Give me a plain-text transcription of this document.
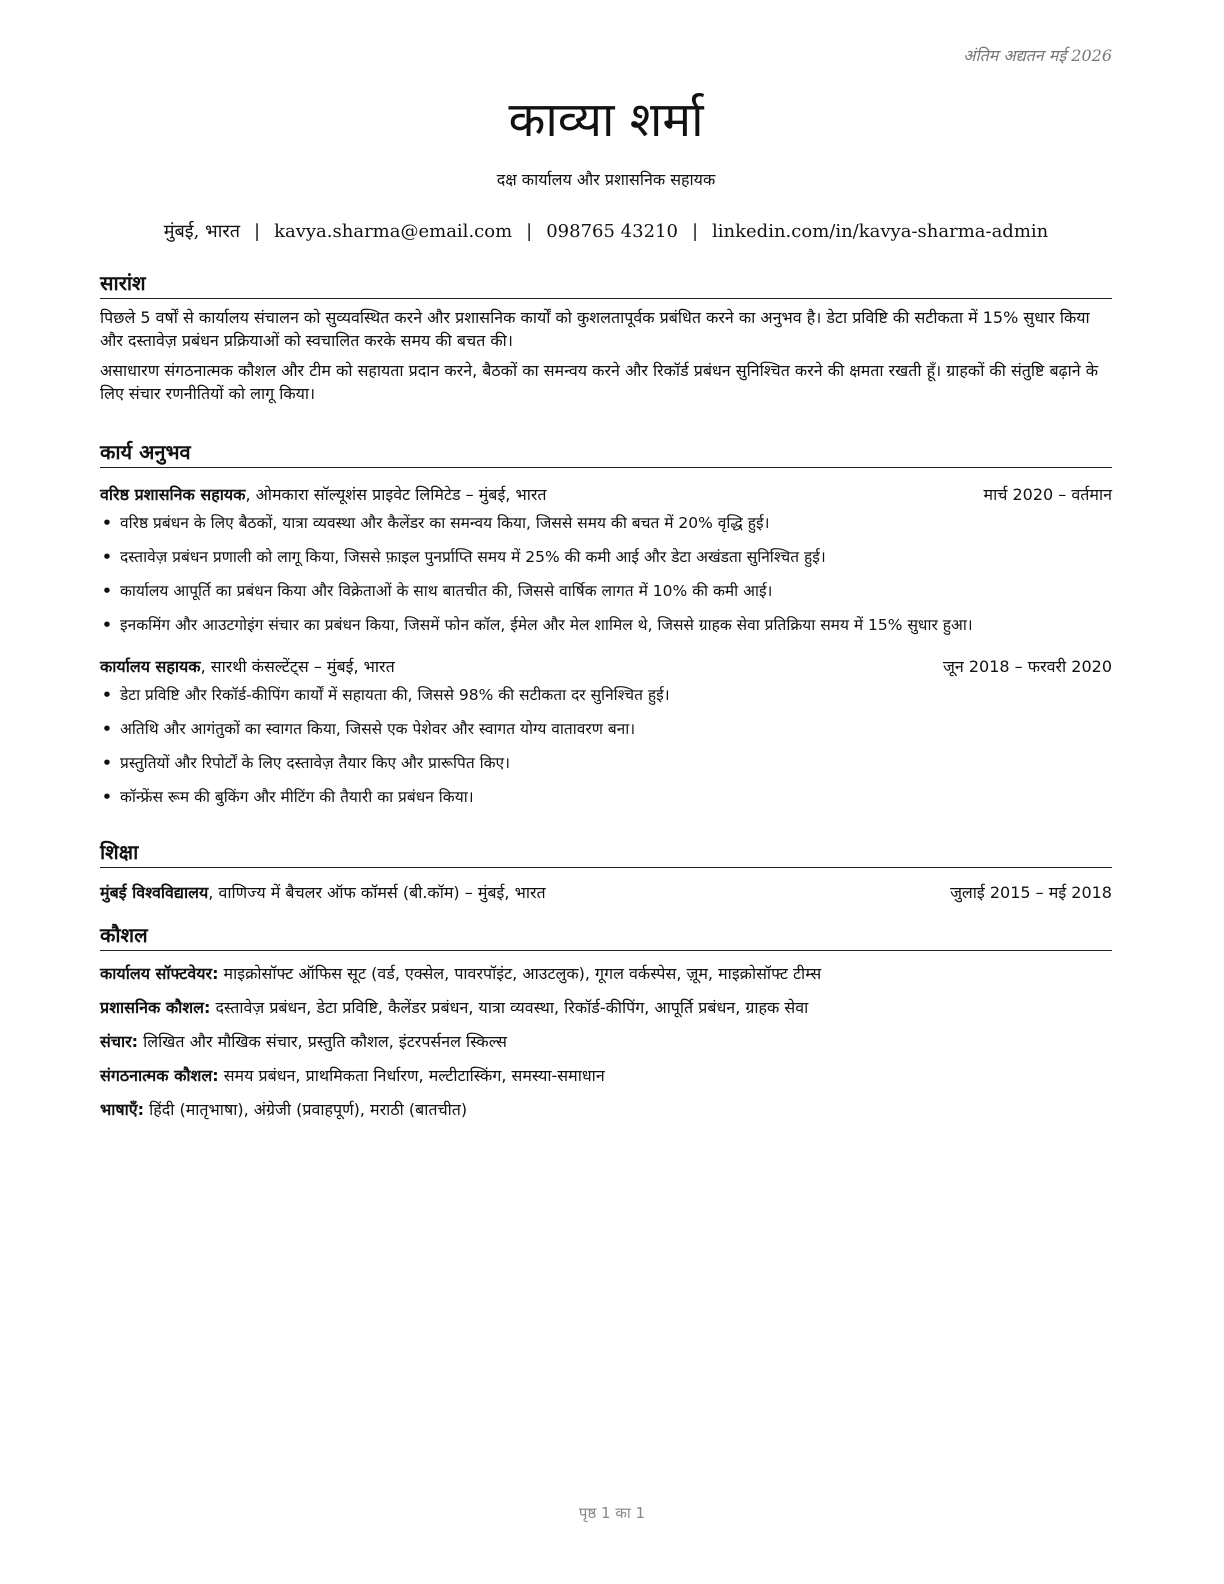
अंतिम अद्यतन मई 2026
काव्या शर्मा
दक्ष कार्यालय और प्रशासनिक सहायक
मुंबई, भारत | kavya.sharma@email.com | 098765 43210 | linkedin.com/in/kavya-sharma-admin
सारांश
पिछले 5 वर्षों से कार्यालय संचालन को सुव्यवस्थित करने और प्रशासनिक कार्यों को कुशलतापूर्वक प्रबंधित करने का अनुभव है। डेटा प्रविष्टि की सटीकता में 15% सुधार किया और दस्तावेज़ प्रबंधन प्रक्रियाओं को स्वचालित करके समय की बचत की।
असाधारण संगठनात्मक कौशल और टीम को सहायता प्रदान करने, बैठकों का समन्वय करने और रिकॉर्ड प्रबंधन सुनिश्चित करने की क्षमता रखती हूँ। ग्राहकों की संतुष्टि बढ़ाने के लिए संचार रणनीतियों को लागू किया।
कार्य अनुभव
वरिष्ठ प्रशासनिक सहायक, ओमकारा सॉल्यूशंस प्राइवेट लिमिटेड – मुंबई, भारत	मार्च 2020 – वर्तमान
• वरिष्ठ प्रबंधन के लिए बैठकों, यात्रा व्यवस्था और कैलेंडर का समन्वय किया, जिससे समय की बचत में 20% वृद्धि हुई।
• दस्तावेज़ प्रबंधन प्रणाली को लागू किया, जिससे फ़ाइल पुनर्प्राप्ति समय में 25% की कमी आई और डेटा अखंडता सुनिश्चित हुई।
• कार्यालय आपूर्ति का प्रबंधन किया और विक्रेताओं के साथ बातचीत की, जिससे वार्षिक लागत में 10% की कमी आई।
• इनकमिंग और आउटगोइंग संचार का प्रबंधन किया, जिसमें फोन कॉल, ईमेल और मेल शामिल थे, जिससे ग्राहक सेवा प्रतिक्रिया समय में 15% सुधार हुआ।
कार्यालय सहायक, सारथी कंसल्टेंट्स – मुंबई, भारत	जून 2018 – फरवरी 2020
• डेटा प्रविष्टि और रिकॉर्ड-कीपिंग कार्यों में सहायता की, जिससे 98% की सटीकता दर सुनिश्चित हुई।
• अतिथि और आगंतुकों का स्वागत किया, जिससे एक पेशेवर और स्वागत योग्य वातावरण बना।
• प्रस्तुतियों और रिपोर्टों के लिए दस्तावेज़ तैयार किए और प्रारूपित किए।
• कॉन्फ्रेंस रूम की बुकिंग और मीटिंग की तैयारी का प्रबंधन किया।
शिक्षा
मुंबई विश्वविद्यालय, वाणिज्य में बैचलर ऑफ कॉमर्स (बी.कॉम) – मुंबई, भारत	जुलाई 2015 – मई 2018
कौशल
कार्यालय सॉफ्टवेयर: माइक्रोसॉफ्ट ऑफिस सूट (वर्ड, एक्सेल, पावरपॉइंट, आउटलुक), गूगल वर्कस्पेस, ज़ूम, माइक्रोसॉफ्ट टीम्स
प्रशासनिक कौशल: दस्तावेज़ प्रबंधन, डेटा प्रविष्टि, कैलेंडर प्रबंधन, यात्रा व्यवस्था, रिकॉर्ड-कीपिंग, आपूर्ति प्रबंधन, ग्राहक सेवा
संचार: लिखित और मौखिक संचार, प्रस्तुति कौशल, इंटरपर्सनल स्किल्स
संगठनात्मक कौशल: समय प्रबंधन, प्राथमिकता निर्धारण, मल्टीटास्किंग, समस्या-समाधान
भाषाएँ: हिंदी (मातृभाषा), अंग्रेजी (प्रवाहपूर्ण), मराठी (बातचीत)
पृष्ठ 1 का 1
